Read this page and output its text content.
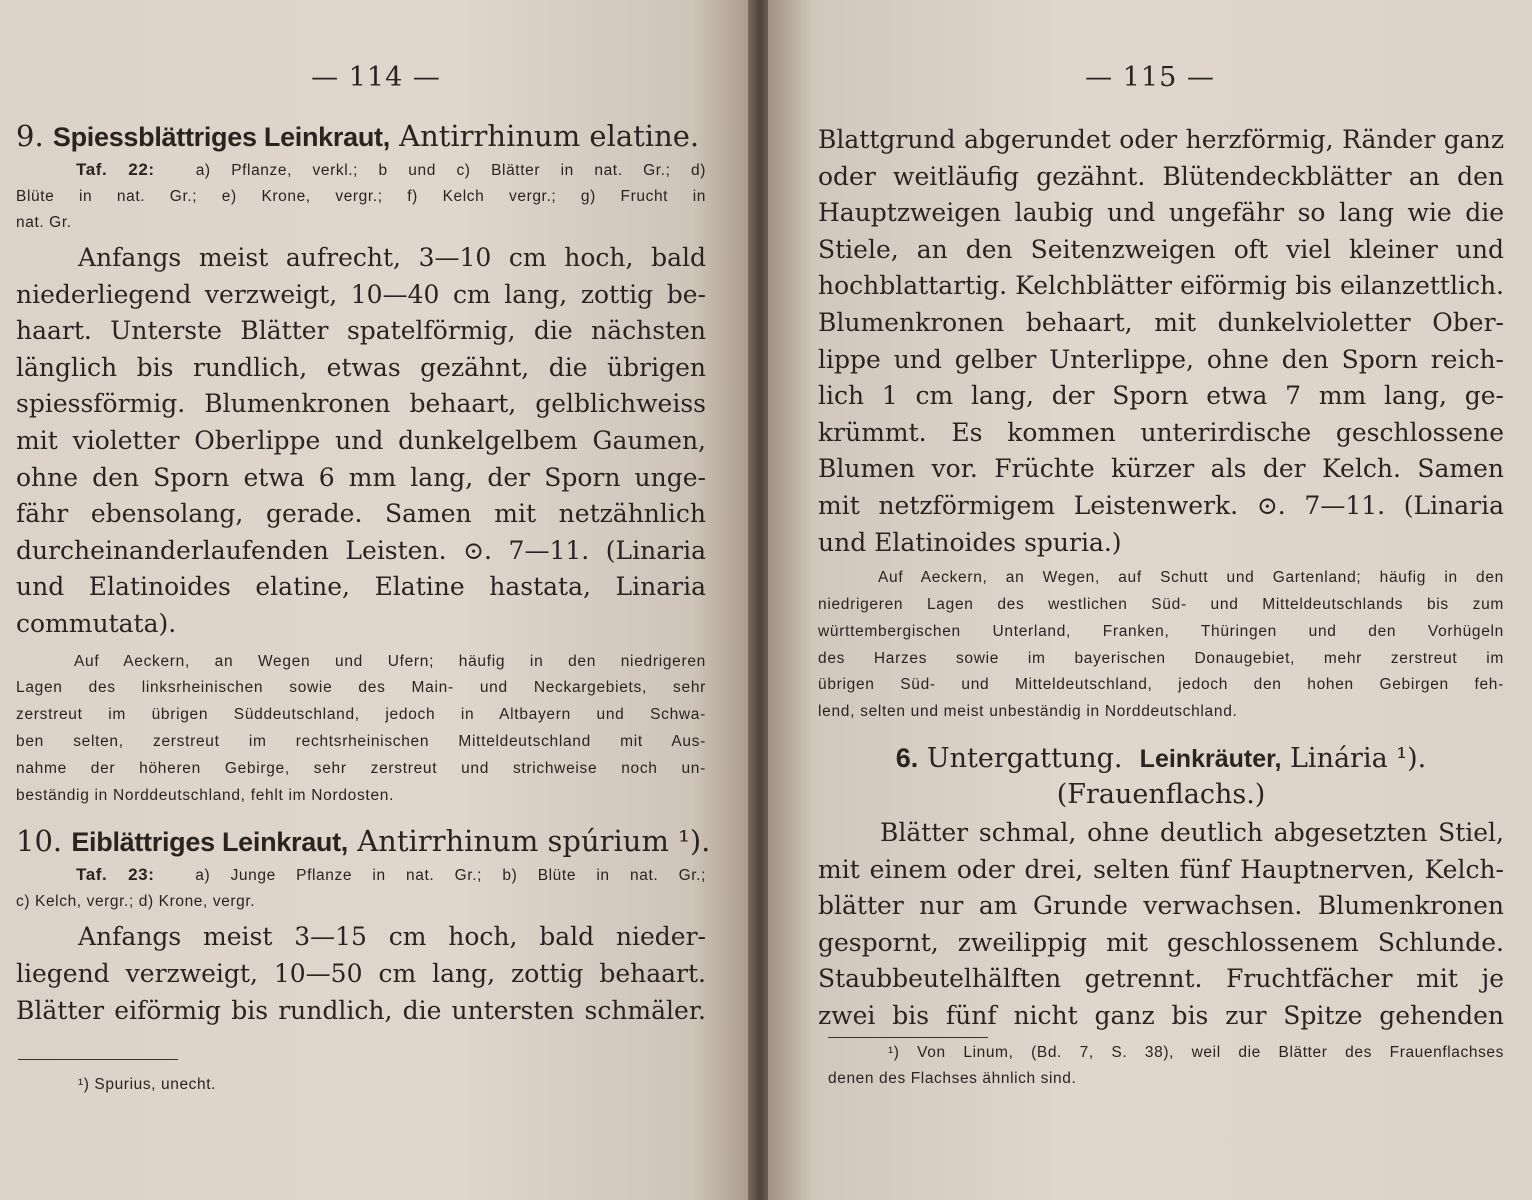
— 114 —
9. Spiessblättriges Leinkraut, Antirrhinum elatine.
Taf. 22:	a) Pflanze, verkl.; b und c) Blätter in nat. Gr.; d)
Blüte in nat. Gr.; e) Krone, vergr.; f) Kelch vergr.; g) Frucht in
nat. Gr.
Anfangs meist aufrecht, 3—10 cm hoch, bald
niederliegend verzweigt, 10—40 cm lang, zottig be-
haart. Unterste Blätter spatelförmig, die nächsten
länglich bis rundlich, etwas gezähnt, die übrigen
spiessförmig. Blumenkronen behaart, gelblichweiss
mit violetter Oberlippe und dunkelgelbem Gaumen,
ohne den Sporn etwa 6 mm lang, der Sporn unge-
fähr ebensolang, gerade. Samen mit netzähnlich
durcheinanderlaufenden Leisten. ⊙. 7—11. (Linaria
und Elatinoides elatine, Elatine hastata, Linaria
commutata).
Auf Aeckern, an Wegen und Ufern; häufig in den niedrigeren
Lagen des linksrheinischen sowie des Main- und Neckargebiets, sehr
zerstreut im übrigen Süddeutschland, jedoch in Altbayern und Schwa-
ben selten, zerstreut im rechtsrheinischen Mitteldeutschland mit Aus-
nahme der höheren Gebirge, sehr zerstreut und strichweise noch un-
beständig in Norddeutschland, fehlt im Nordosten.
10. Eiblättriges Leinkraut, Antirrhinum spúrium ¹).
Taf. 23:	a) Junge Pflanze in nat. Gr.; b) Blüte in nat. Gr.;
c) Kelch, vergr.; d) Krone, vergr.
Anfangs meist 3—15 cm hoch, bald nieder-
liegend verzweigt, 10—50 cm lang, zottig behaart.
Blätter eiförmig bis rundlich, die untersten schmäler.
¹) Spurius, unecht.
— 115 —
Blattgrund abgerundet oder herzförmig, Ränder ganz
oder weitläufig gezähnt. Blütendeckblätter an den
Hauptzweigen laubig und ungefähr so lang wie die
Stiele, an den Seitenzweigen oft viel kleiner und
hochblattartig. Kelchblätter eiförmig bis eilanzettlich.
Blumenkronen behaart, mit dunkelvioletter Ober-
lippe und gelber Unterlippe, ohne den Sporn reich-
lich 1 cm lang, der Sporn etwa 7 mm lang, ge-
krümmt. Es kommen unterirdische geschlossene
Blumen vor. Früchte kürzer als der Kelch. Samen
mit netzförmigem Leistenwerk. ⊙. 7—11. (Linaria
und Elatinoides spuria.)
Auf Aeckern, an Wegen, auf Schutt und Gartenland; häufig in den
niedrigeren Lagen des westlichen Süd- und Mitteldeutschlands bis zum
württembergischen Unterland, Franken, Thüringen und den Vorhügeln
des Harzes sowie im bayerischen Donaugebiet, mehr zerstreut im
übrigen Süd- und Mitteldeutschland, jedoch den hohen Gebirgen feh-
lend, selten und meist unbeständig in Norddeutschland.
6. Untergattung. Leinkräuter, Linária ¹).
(Frauenflachs.)
Blätter schmal, ohne deutlich abgesetzten Stiel,
mit einem oder drei, selten fünf Hauptnerven, Kelch-
blätter nur am Grunde verwachsen. Blumenkronen
gespornt, zweilippig mit geschlossenem Schlunde.
Staubbeutelhälften getrennt. Fruchtfächer mit je
zwei bis fünf nicht ganz bis zur Spitze gehenden
¹) Von Linum, (Bd. 7, S. 38), weil die Blätter des Frauenflachses
denen des Flachses ähnlich sind.
